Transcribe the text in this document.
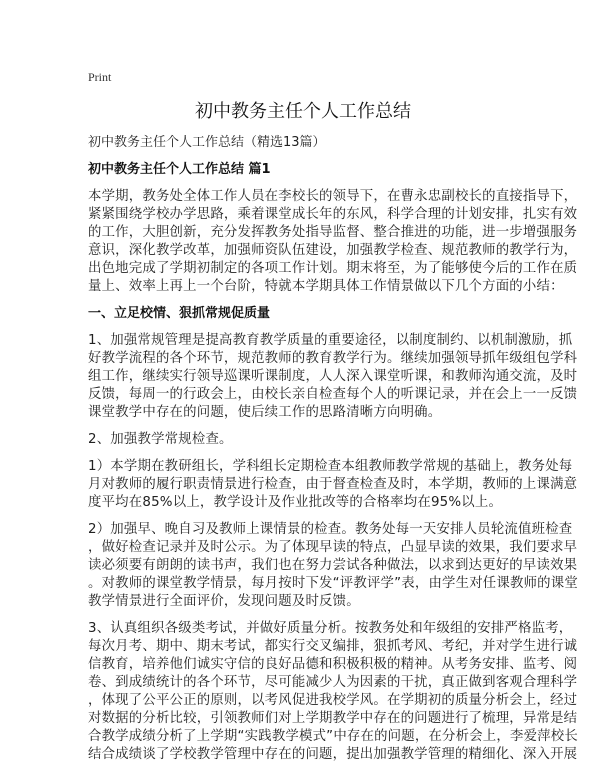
Print
初中教务主任个人工作总结
初中教务主任个人工作总结（精选13篇）
初中教务主任个人工作总结 篇1
本学期，教务处全体工作人员在李校长的领导下，在曹永忠副校长的直接指导下，
紧紧围绕学校办学思路，乘着课堂成长年的东风，科学合理的计划安排，扎实有效
的工作，大胆创新，充分发挥教务处指导监督、整合推进的功能，进一步增强服务
意识，深化教学改革，加强师资队伍建设，加强教学检查、规范教师的教学行为，
出色地完成了学期初制定的各项工作计划。期末将至，为了能够使今后的工作在质
量上、效率上再上一个台阶，特就本学期具体工作情景做以下几个方面的小结：
一、立足校情、狠抓常规促质量
1、加强常规管理是提高教育教学质量的重要途径，以制度制约、以机制激励，抓
好教学流程的各个环节，规范教师的教育教学行为。继续加强领导抓年级组包学科
组工作，继续实行领导巡课听课制度，人人深入课堂听课，和教师沟通交流，及时
反馈，每周一的行政会上，由校长亲自检查每个人的听课记录，并在会上一一反馈
课堂教学中存在的问题，使后续工作的思路清晰方向明确。
2、加强教学常规检查。
1）本学期在教研组长，学科组长定期检查本组教师教学常规的基础上，教务处每
月对教师的履行职责情景进行检查，由于督查检查及时，本学期，教师的上课满意
度平均在85%以上，教学设计及作业批改等的合格率均在95%以上。
2）加强早、晚自习及教师上课情景的检查。教务处每一天安排人员轮流值班检查
，做好检查记录并及时公示。为了体现早读的特点，凸显早读的效果，我们要求早
读必须要有朗朗的读书声，我们也在努力尝试各种做法，以求到达更好的早读效果
。对教师的课堂教学情景，每月按时下发“评教评学”表，由学生对任课教师的课堂
教学情景进行全面评价，发现问题及时反馈。
3、认真组织各级类考试，并做好质量分析。按教务处和年级组的安排严格监考，
每次月考、期中、期末考试，都实行交叉编排，狠抓考风、考纪，并对学生进行诚
信教育，培养他们诚实守信的良好品德和积极积极的精神。从考务安排、监考、阅
卷、到成绩统计的各个环节，尽可能减少人为因素的干扰，真正做到客观合理科学
，体现了公平公正的原则，以考风促进我校学风。在学期初的质量分析会上，经过
对数据的分析比较，引领教师们对上学期教学中存在的问题进行了梳理，异常是结
合教学成绩分析了上学期“实践教学模式”中存在的问题，在分析会上，李爱萍校长
结合成绩谈了学校教学管理中存在的问题，提出加强教学管理的精细化、深入开展
